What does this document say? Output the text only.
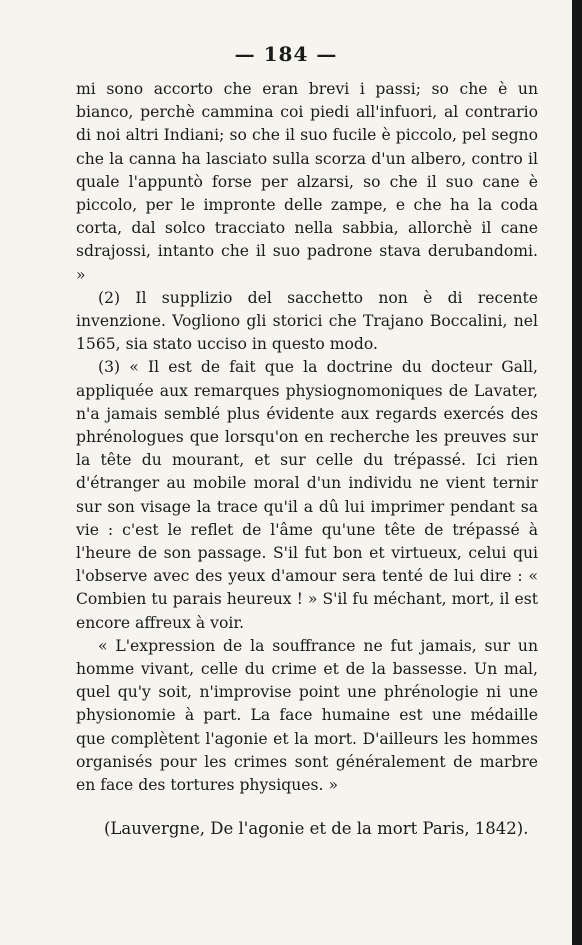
— 184 —

mi sono accorto che eran brevi i passi; so che è un bianco, perchè cammina coi piedi all'infuori, al contrario di noi altri Indiani; so che il suo fucile è piccolo, pel segno che la canna ha lasciato sulla scorza d'un albero, contro il quale l'appuntò forse per alzarsi, so che il suo cane è piccolo, per le impronte delle zampe, e che ha la coda corta, dal solco tracciato nella sabbia, allorchè il cane sdrajossi, intanto che il suo padrone stava derubandomi. »

(2) Il supplizio del sacchetto non è di recente invenzione. Vogliono gli storici che Trajano Boccalini, nel 1565, sia stato ucciso in questo modo.

(3) « Il est de fait que la doctrine du docteur Gall, appliquée aux remarques physiognomoniques de Lavater, n'a jamais semblé plus évidente aux regards exercés des phrénologues que lorsqu'on en recherche les preuves sur la tête du mourant, et sur celle du trépassé. Ici rien d'étranger au mobile moral d'un individu ne vient ternir sur son visage la trace qu'il a dû lui imprimer pendant sa vie : c'est le reflet de l'âme qu'une tête de trépassé à l'heure de son passage. S'il fut bon et virtueux, celui qui l'observe avec des yeux d'amour sera tenté de lui dire : « Combien tu parais heureux ! » S'il fu méchant, mort, il est encore affreux à voir.

« L'expression de la souffrance ne fut jamais, sur un homme vivant, celle du crime et de la bassesse. Un mal, quel qu'y soit, n'improvise point une phrénologie ni une physionomie à part. La face humaine est une médaille que complètent l'agonie et la mort. D'ailleurs les hommes organisés pour les crimes sont généralement de marbre en face des tortures physiques. »

(Lauvergne, De l'agonie et de la mort Paris, 1842).
